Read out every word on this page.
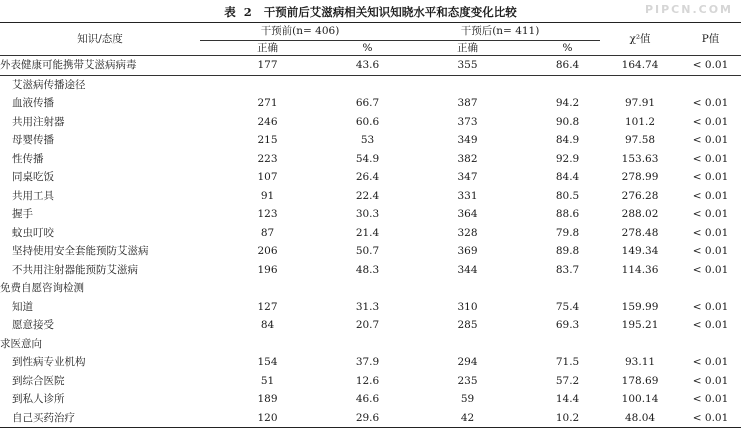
PIPCN.COM
表 2 干预前后艾滋病相关知识知晓水平和态度变化比较
知识/态度	干预前(n= 406)		干预后(n= 411)		χ²值	P值
	正确	%	正确	%		
外表健康可能携带艾滋病病毒	177	43.6	355	86.4	164.74	< 0.01
艾滋病传播途径						
血液传播	271	66.7	387	94.2	97.91	< 0.01
共用注射器	246	60.6	373	90.8	101.2	< 0.01
母婴传播	215	53	349	84.9	97.58	< 0.01
性传播	223	54.9	382	92.9	153.63	< 0.01
同桌吃饭	107	26.4	347	84.4	278.99	< 0.01
共用工具	91	22.4	331	80.5	276.28	< 0.01
握手	123	30.3	364	88.6	288.02	< 0.01
蚊虫叮咬	87	21.4	328	79.8	278.48	< 0.01
坚持使用安全套能预防艾滋病	206	50.7	369	89.8	149.34	< 0.01
不共用注射器能预防艾滋病	196	48.3	344	83.7	114.36	< 0.01
免费自愿咨询检测						
知道	127	31.3	310	75.4	159.99	< 0.01
愿意接受	84	20.7	285	69.3	195.21	< 0.01
求医意向						
到性病专业机构	154	37.9	294	71.5	93.11	< 0.01
到综合医院	51	12.6	235	57.2	178.69	< 0.01
到私人诊所	189	46.6	59	14.4	100.14	< 0.01
自己买药治疗	120	29.6	42	10.2	48.04	< 0.01
